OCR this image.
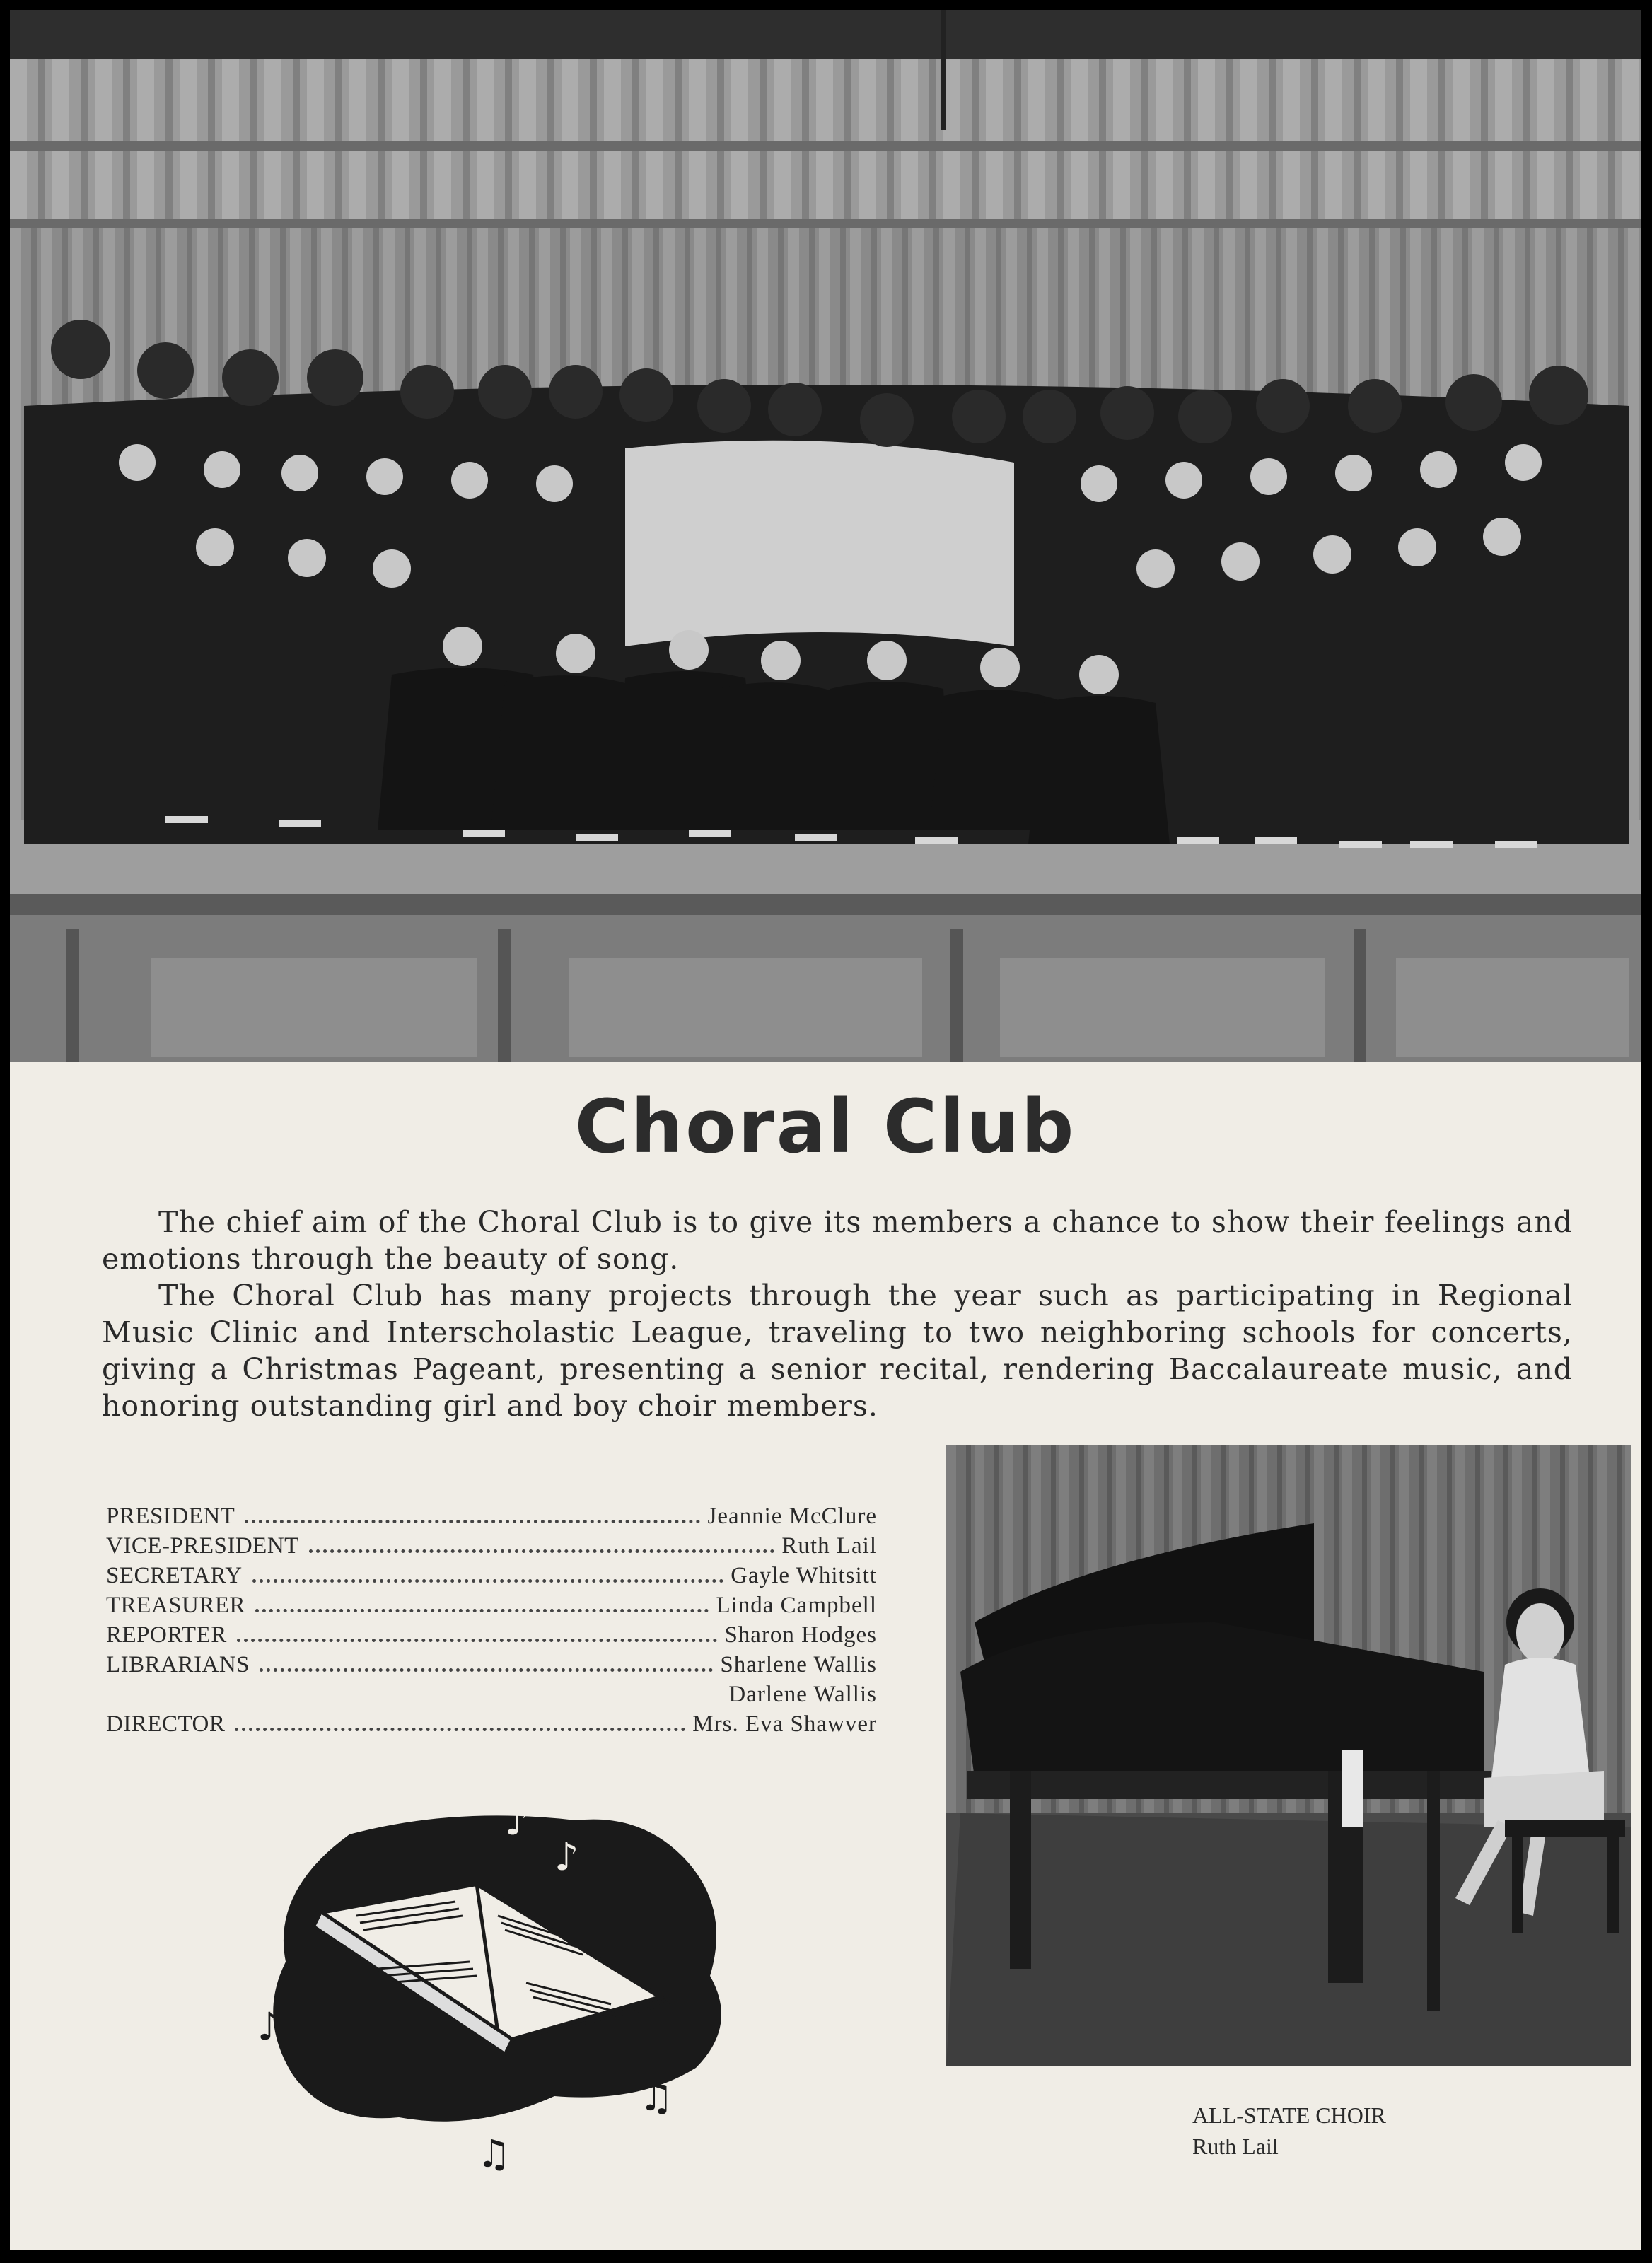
Choral Club

The chief aim of the Choral Club is to give its members a chance to show their feelings and emotions through the beauty of song.

The Choral Club has many projects through the year such as participating in Regional Music Clinic and Interscholastic League, traveling to two neighboring schools for concerts, giving a Christmas Pageant, presenting a senior recital, rendering Baccalaureate music, and honoring outstanding girl and boy choir members.

PRESIDENT	Jeannie McClure
VICE-PRESIDENT	Ruth Lail
SECRETARY	Gayle Whitsitt
TREASURER	Linda Campbell
REPORTER	Sharon Hodges
LIBRARIANS	Sharlene Wallis
Darlene Wallis
DIRECTOR	Mrs. Eva Shawver
♪
♪
♪
♫
♫
ALL-STATE CHOIR
Ruth Lail
